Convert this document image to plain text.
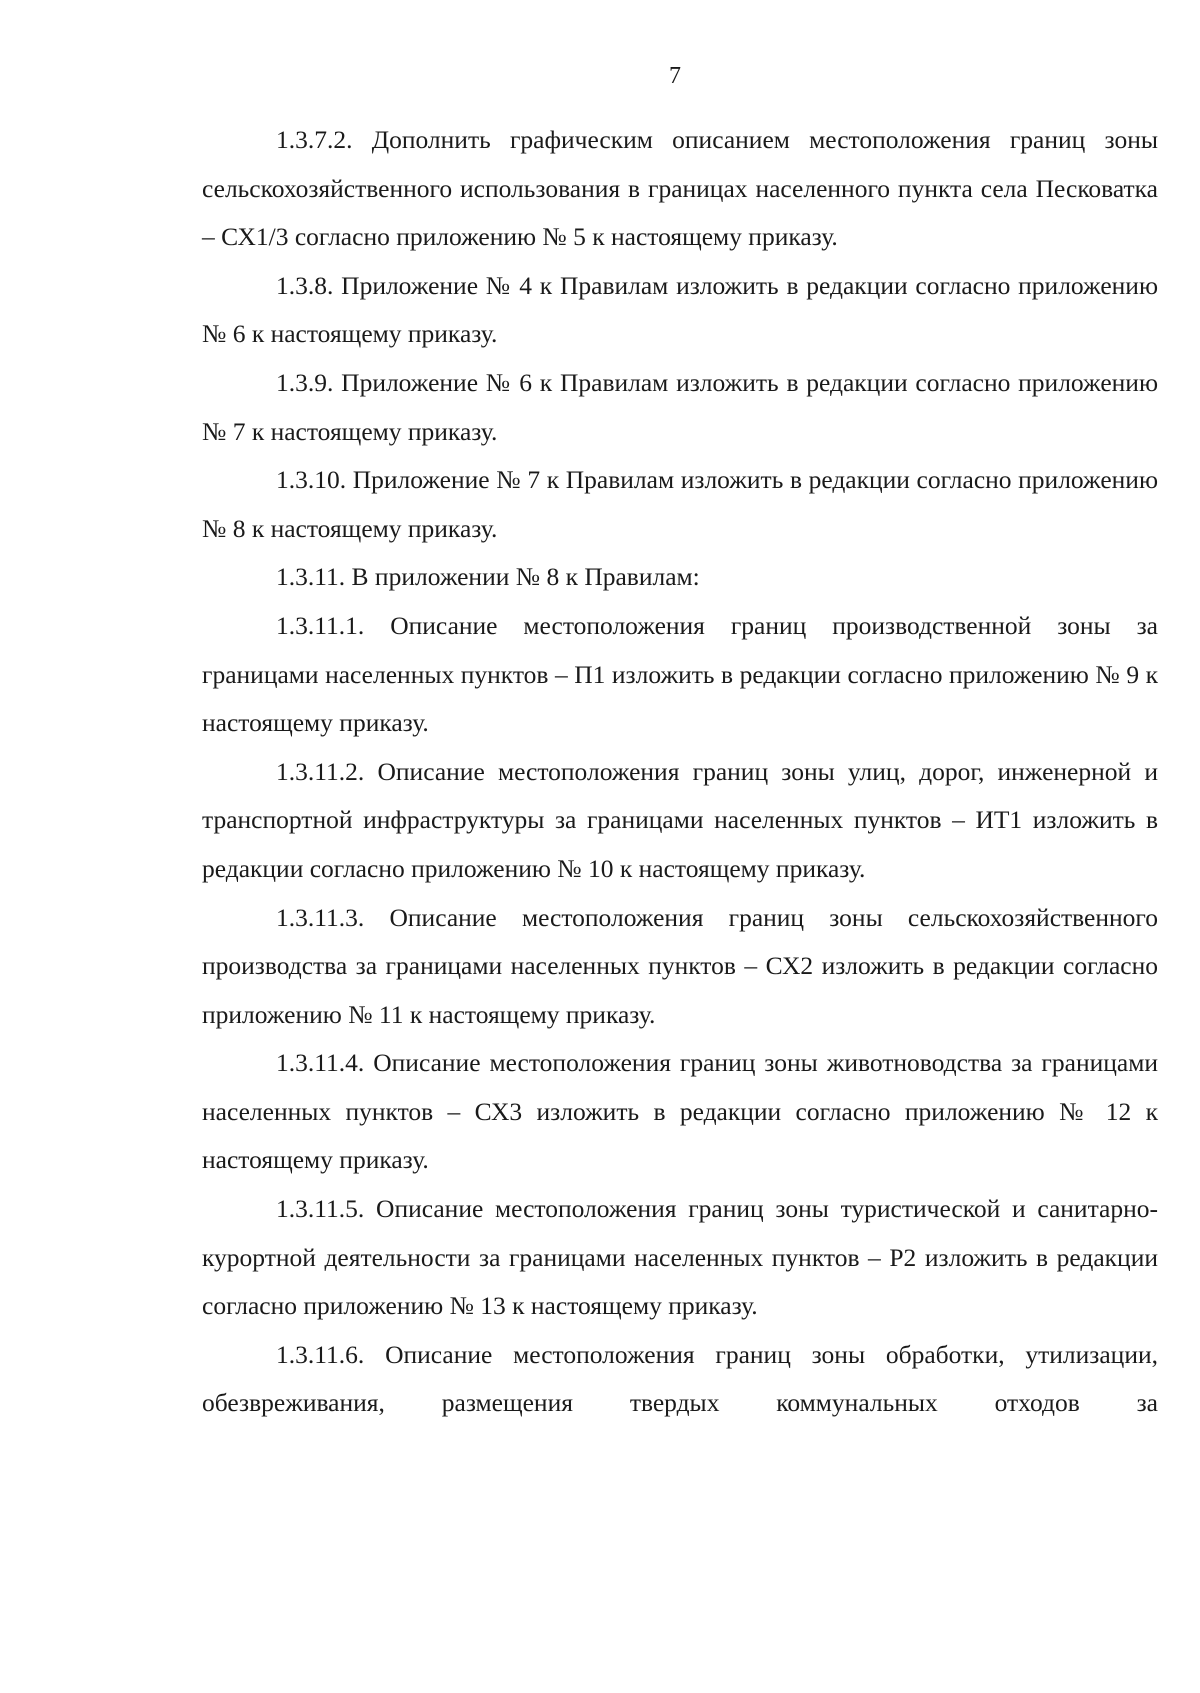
7

1.3.7.2. Дополнить графическим описанием местоположения границ зоны сельскохозяйственного использования в границах населенного пункта села Песковатка – СХ1/3 согласно приложению № 5 к настоящему приказу.

1.3.8. Приложение № 4 к Правилам изложить в редакции согласно приложению № 6 к настоящему приказу.

1.3.9. Приложение № 6 к Правилам изложить в редакции согласно приложению № 7 к настоящему приказу.

1.3.10. Приложение № 7 к Правилам изложить в редакции согласно приложению № 8 к настоящему приказу.

1.3.11. В приложении № 8 к Правилам:

1.3.11.1. Описание местоположения границ производственной зоны за границами населенных пунктов – П1 изложить в редакции согласно приложению № 9 к настоящему приказу.

1.3.11.2. Описание местоположения границ зоны улиц, дорог, инженерной и транспортной инфраструктуры за границами населенных пунктов – ИТ1 изложить в редакции согласно приложению № 10 к настоящему приказу.

1.3.11.3. Описание местоположения границ зоны сельскохозяйственного производства за границами населенных пунктов – СХ2 изложить в редакции согласно приложению № 11 к настоящему приказу.

1.3.11.4. Описание местоположения границ зоны животноводства за границами населенных пунктов – СХ3 изложить в редакции согласно приложению № 12 к настоящему приказу.

1.3.11.5. Описание местоположения границ зоны туристической и санитарно-курортной деятельности за границами населенных пунктов – Р2 изложить в редакции согласно приложению № 13 к настоящему приказу.

1.3.11.6. Описание местоположения границ зоны обработки, утилизации, обезвреживания, размещения твердых коммунальных отходов за
